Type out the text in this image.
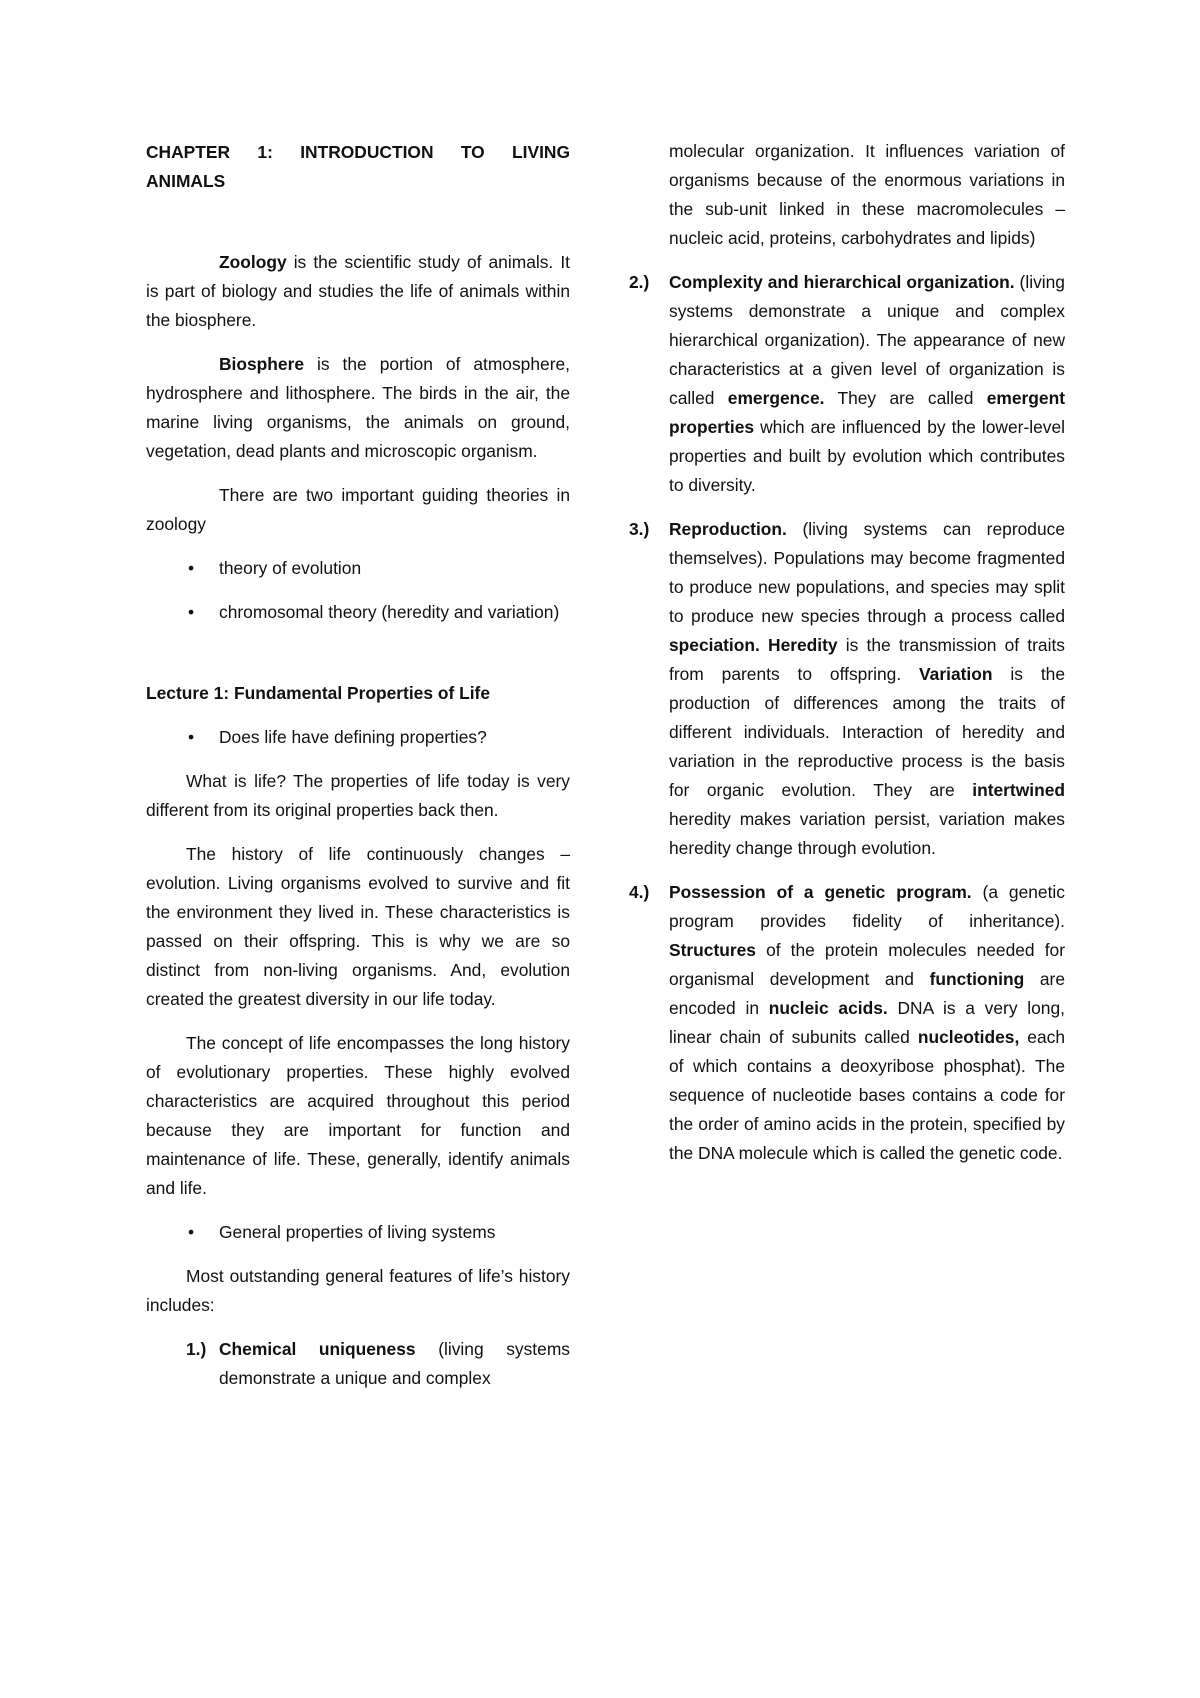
CHAPTER 1: INTRODUCTION TO LIVING ANIMALS

Zoology is the scientific study of animals. It is part of biology and studies the life of animals within the biosphere.

Biosphere is the portion of atmosphere, hydrosphere and lithosphere. The birds in the air, the marine living organisms, the animals on ground, vegetation, dead plants and microscopic organism.

There are two important guiding theories in zoology

• theory of evolution
• chromosomal theory (heredity and variation)

Lecture 1: Fundamental Properties of Life

• Does life have defining properties?

What is life? The properties of life today is very different from its original properties back then.

The history of life continuously changes – evolution. Living organisms evolved to survive and fit the environment they lived in. These characteristics is passed on their offspring. This is why we are so distinct from non-living organisms. And, evolution created the greatest diversity in our life today.

The concept of life encompasses the long history of evolutionary properties. These highly evolved characteristics are acquired throughout this period because they are important for function and maintenance of life. These, generally, identify animals and life.

• General properties of living systems

Most outstanding general features of life’s history includes:

1.) Chemical uniqueness (living systems demonstrate a unique and complex

molecular organization. It influences variation of organisms because of the enormous variations in the sub-unit linked in these macromolecules – nucleic acid, proteins, carbohydrates and lipids)

2.) Complexity and hierarchical organization. (living systems demonstrate a unique and complex hierarchical organization). The appearance of new characteristics at a given level of organization is called emergence. They are called emergent properties which are influenced by the lower-level properties and built by evolution which contributes to diversity.
3.) Reproduction. (living systems can reproduce themselves). Populations may become fragmented to produce new populations, and species may split to produce new species through a process called speciation. Heredity is the transmission of traits from parents to offspring. Variation is the production of differences among the traits of different individuals. Interaction of heredity and variation in the reproductive process is the basis for organic evolution. They are intertwined heredity makes variation persist, variation makes heredity change through evolution.
4.) Possession of a genetic program. (a genetic program provides fidelity of inheritance). Structures of the protein molecules needed for organismal development and functioning are encoded in nucleic acids. DNA is a very long, linear chain of subunits called nucleotides, each of which contains a deoxyribose phosphat). The sequence of nucleotide bases contains a code for the order of amino acids in the protein, specified by the DNA molecule which is called the genetic code.
